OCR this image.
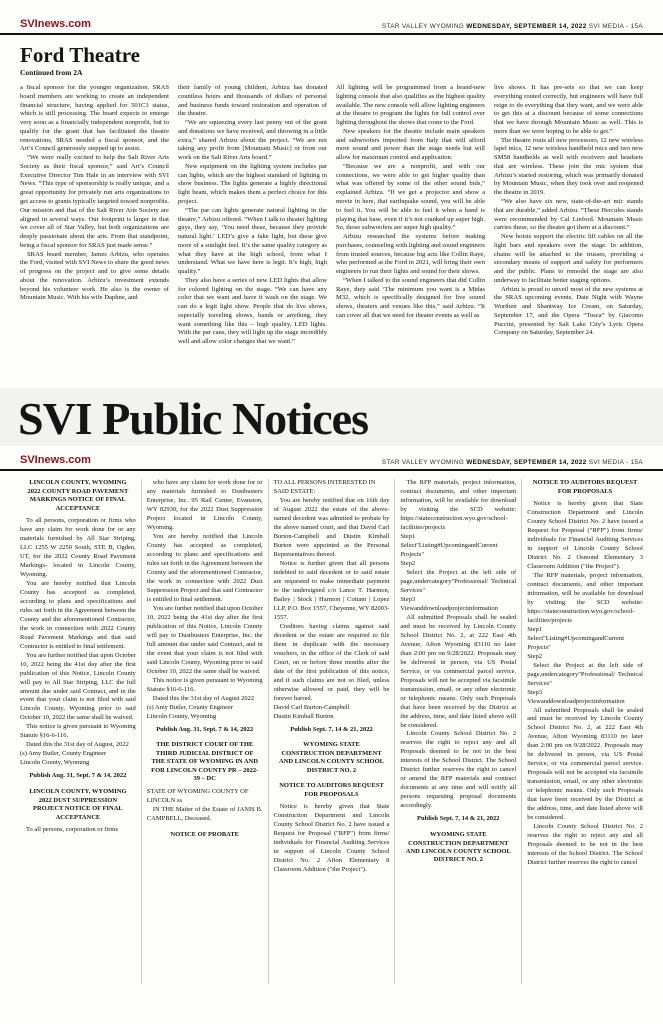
SVInews.com	STAR VALLEY WYOMING WEDNESDAY, SEPTEMBER 14, 2022 SVI MEDIA - 15A
Ford Theatre
Continued from 2A
a fiscal sponsor for the younger organization. SRAS board members are working to create an independent financial structure, having applied for 501C3 status, which is still processing. The board expects to emerge very soon as a financially independent nonprofit, but to qualify for the grant that has facilitated the theatre renovations, SRAS needed a fiscal sponsor, and the Art’s Council generously stepped up to assist.
“We were really excited to help the Salt River Arts Society as their fiscal sponsor,” said Art’s Council Executive Director Tim Hale in an interview with SVI News. “This type of sponsorship is really unique, and a great opportunity for privately run arts organizations to get access to grants typically targeted toward nonprofits. Our mission and that of the Salt River Arts Society are aligned in several ways. Our footprint is larger in that we cover all of Star Valley, but both organizations are deeply passionate about the arts. From that standpoint, being a fiscal sponsor for SRAS just made sense.”
SRAS board member, James Arbizu, who operates the Ford, visited with SVI News to share the good news of progress on the project and to give some details about the renovation. Arbizu’s investment extends beyond his volunteer work. He also is the owner of Mountain Music. With his wife Daphne, and
their family of young children, Arbizu has donated countless hours and thousands of dollars of personal and business funds toward restoration and operation of the theatre.
“We are squeezing every last penny out of the grant and donations we have received, and throwing in a little extra,” shared Arbizu about the project. “We are not taking any profit from [Mountain Music] or from our work on the Salt River Arts board.”
New equipment on the lighting system includes par can lights, which are the highest standard of lighting in show business. The lights generate a highly directional light beam, which makes them a perfect choice for this project.
“The par can lights generate natural lighting in the theatre,” Arbizu offered. “When I talk to theater lighting guys, they say, ‘You need these, because they provide natural light.’ LED’s give a fake light, but these give more of a sunlight feel. It’s the same quality category as what they have at the high school, from what I understand. What we have here is legit. It’s high, high quality.”
They also have a series of new LED lights that allow for colored lighting on the stage. “We can have any color that we want and have it wash on the stage. We can do a legit light show. People that do live shows, especially traveling shows, bands or anything, they want something like this – high quality, LED lights. With the par cans, they will light up the stage incredibly well and allow color changes that we want.”
All lighting will be programmed from a brand-new lighting console that also qualifies as the highest quality available. The new console will allow lighting engineers at the theatre to program the lights for full control over lighting throughout the shows that come to the Ford.
New speakers for the theatre include main speakers and subwoofers imported from Italy that will afford more sound and power than the stage needs but will allow for maximum control and application.
“Because we are a nonprofit, and with our connections, we were able to get higher quality than what was offered by some of the other sound bids,” explained Arbizu. “If we get a projector and show a movie in here, that earthquake sound, you will be able to feel it. You will be able to feel it when a band is playing that base, even if it’s not cranked up super high. So, those subwoofers are super high quality.”
Arbizu researched the systems before making purchases, counseling with lighting and sound engineers from trusted sources, because big acts like Collin Raye, who performed at the Ford in 2021, will bring their own engineers to run their lights and sound for their shows.
“When I talked to the sound engineers that did Collin Raye, they said ‘The minimum you want is a Midas M32, which is specifically designed for live sound shows, theaters and venues like this,” said Arbizu. “It can cover all that we need for theater events as well as
live shows. It has pre-sets so that we can keep everything routed correctly, but engineers will have full reign to do everything that they want, and we were able to get this at a discount because of some connections that we have through Mountain Music as well. This is more than we were hoping to be able to get.”
The theatre routs all new processors, 12 new wireless lapel mics, 12 new wireless handheld mics and two new SM58 handhelds as well with receivers and headsets that are wireless. These join the mic system that Arbizu’s started restoring, which was primarily donated by Mountain Music, when they took over and reopened the theatre in 2019.
“We also have six new, state-of-the-art mic stands that are durable,” added Arbizu. “These Hercules stands were recommended by Cal Linford. Mountain Music carries these, so the theatre got them at a discount.”
New hoists support the electric lift cables on all the light bars and speakers over the stage. In addition, chains will be attached to the trusses, providing a secondary means of support and safety for performers and the public. Plans to remodel the stage are also underway to facilitate better staging options.
Arbizu is proud to unveil most of the new systems at the SRAS upcoming events, Date Night with Wayne Worthen and Shantway Ice Cream, on Saturday, September 17, and the Opera “Tosca” by Giacomo Puccini, presented by Salt Lake City’s Lyric Opera Company on Saturday, September 24.
SVI Public Notices
SVInews.com	STAR VALLEY WYOMING WEDNESDAY, SEPTEMBER 14, 2022 SVI MEDIA - 15A
LINCOLN COUNTY, WYOMING 2022 COUNTY ROAD PAVEMENT MARKINGS NOTICE OF FINAL ACCEPTANCE
To all persons, corporation or firms who have any claim for work done for or any materials furnished by All Star Striping, LLC 1255 W 2250 South, STE B, Ogden, UT, for the 2022 County Road Pavement Markings- located in Lincoln County, Wyoming.
You are hereby notified that Lincoln County has accepted as completed, according to plans and specifications and rules set forth in the Agreement between the County and the aforementioned Contractor, the work in connection with 2022 County Road Pavement Markings and that said Contractor is entitled to final settlement.
You are further notified that upon October 10, 2022 being the 41st day after the first publication of this Notice, Lincoln County will pay to All Star Striping, LLC the full amount due under said Contract, and in the event that your claim is not filed with said Lincoln County, Wyoming prior to said October 10, 2022 the same shall be waived.
This notice is given pursuant to Wyoming Statute §16-6-116.
Dated this the 31st day of August, 2022
(s) Amy Butler, County Engineer
Lincoln County, Wyoming
Publish Aug. 31, Sept. 7 & 14, 2022
LINCOLN COUNTY, WYOMING 2022 DUST SUPPRESSION PROJECT NOTICE OF FINAL ACCEPTANCE
To all persons, corporation or firms
who have any claim for work done for or any materials furnished to Dustbusters Enterprise, Inc. 95 Rail Center, Evanston, WY 82930, for the 2022 Dust Suppression Project located in Lincoln County, Wyoming.
You are hereby notified that Lincoln County has accepted as completed, according to plans and specifications and rules set forth in the Agreement between the County and the aforementioned Contractor, the work in connection with 2022 Dust Suppression Project and that said Contractor is entitled to final settlement.
You are further notified that upon October 10, 2022 being the 41st day after the first publication of this Notice, Lincoln County will pay to Dustbusters Enterprise, Inc. the full amount due under said Contract, and in the event that your claim is not filed with said Lincoln County, Wyoming prior to said October 10, 2022 the same shall be waived.
This notice is given pursuant to Wyoming Statute §16-6-116.
Dated this the 31st day of August 2022
(s) Amy Butler, County Engineer
Lincoln County, Wyoming
Publish Aug. 31, Sept. 7 & 14, 2022
THE DISTRICT COURT OF THE THIRD JUDICIAL DISTRICT OF THE STATE OF WYOMING IN AND FOR LINCOLN COUNTY PR – 2022-39 – DC
STATE OF WYOMING COUNTY OF LINCOLN ss
IN THE Matter of the Estate of JANIS B. CAMPBELL, Deceased.
NOTICE OF PROBATE
TO ALL PERSONS INTERESTED IN SAID ESTATE:
You are hereby notified that on 16th day of August 2022 the estate of the above-named decedent was admitted to probate by the above named court, and that David Carl Burton-Campbell and Dustin Kimball Burton were appointed as the Personal Representatives thereof.
Notice is further given that all persons indebted to said decedent or to said estate are requested to make immediate payment to the undersigned c/o Lance T. Harmon, Bailey | Stock | Harmon | Cottam | Lopez LLP, P.O. Box 1557, Cheyenne, WY 82003-1557.
Creditors having claims against said decedent or the estate are required to file them in duplicate with the necessary vouchers, in the office of the Clerk of said Court, on or before three months after the date of the first publication of this notice, and if such claims are not so filed, unless otherwise allowed or paid, they will be forever barred.
David Carl Burton-Campbell
Dustin Kimball Burton
Publish Sept. 7, 14 & 21, 2022
WYOMING STATE CONSTRUCTION DEPARTMENT AND LINCOLN COUNTY SCHOOL DISTRICT NO. 2
NOTICE TO AUDITORS REQUEST FOR PROPOSALS
Notice is hereby given that State Construction Department and Lincoln County School District No. 2 have issued a Request for Proposal ("RFP") from firms/ individuals for Financial Auditing Services in support of Lincoln County School District No. 2 Afton Elementary 8 Classroom Addition ("the Project").
The RFP materials, project information, contract documents, and other important information, will be available for download by visiting the SCD website: https://stateconstruction.wyo.gov/school-facilities/projects
Step1
Select"Listing#UpcomingandCurrent Projects"
Step2
Select the Project at the left side of page,undercategory"Professional/ Technical Services"
Step3
Viewanddownloadprojectinformation
All submitted Proposals shall be sealed and must be received by Lincoln County School District No. 2, at 222 East 4th Avenue, Afton Wyoming 83110 no later than 2:00 pm on 9/28/2022. Proposals may be delivered in person, via US Postal Service, or via commercial parcel service. Proposals will not be accepted via facsimile transmission, email, or any other electronic or telephonic means. Only such Proposals that have been received by the District at the address, time, and date listed above will be considered.
Lincoln County School District No. 2 reserves the right to reject any and all Proposals deemed to be not in the best interests of the School District. The School District further reserves the right to cancel or amend the RFP materials and contract documents at any time and will notify all persons requesting proposal documents accordingly.
Publish Sept. 7, 14 & 21, 2022
WYOMING STATE CONSTRUCTION DEPARTMENT AND LINCOLN COUNTY SCHOOL DISTRICT NO. 2
NOTICE TO AUDITORS REQUEST FOR PROPOSALS
Notice is hereby given that State Construction Department and Lincoln County School District No. 2 have issued a Request for Proposal ("RFP") from firms/ individuals for Financial Auditing Services in support of Lincoln County School District No. 2 Osmond Elementary 3 Classroom Addition ("the Project").
The RFP materials, project information, contract documents, and other important information, will be available for download by visiting the SCD website: https://stateconstruction.wyo.gov/school-facilities/projects
Step1
Select"Listing#UpcomingandCurrent Projects"
Step2
Select the Project at the left side of page,undercategory"Professional/ Technical Services"
Step3
Viewanddownloadprojectinformation
All submitted Proposals shall be sealed and must be received by Lincoln County School District No. 2, at 222 East 4th Avenue, Afton Wyoming 83110 no later than 2:00 pm on 9/28/2022. Proposals may be delivered in person, via US Postal Service, or via commercial parcel service. Proposals will not be accepted via facsimile transmission, email, or any other electronic or telephonic means. Only such Proposals that have been received by the District at the address, time, and date listed above will be considered.
Lincoln County School District No. 2 reserves the right to reject any and all Proposals deemed to be not in the best interests of the School District. The School District further reserves the right to cancel
